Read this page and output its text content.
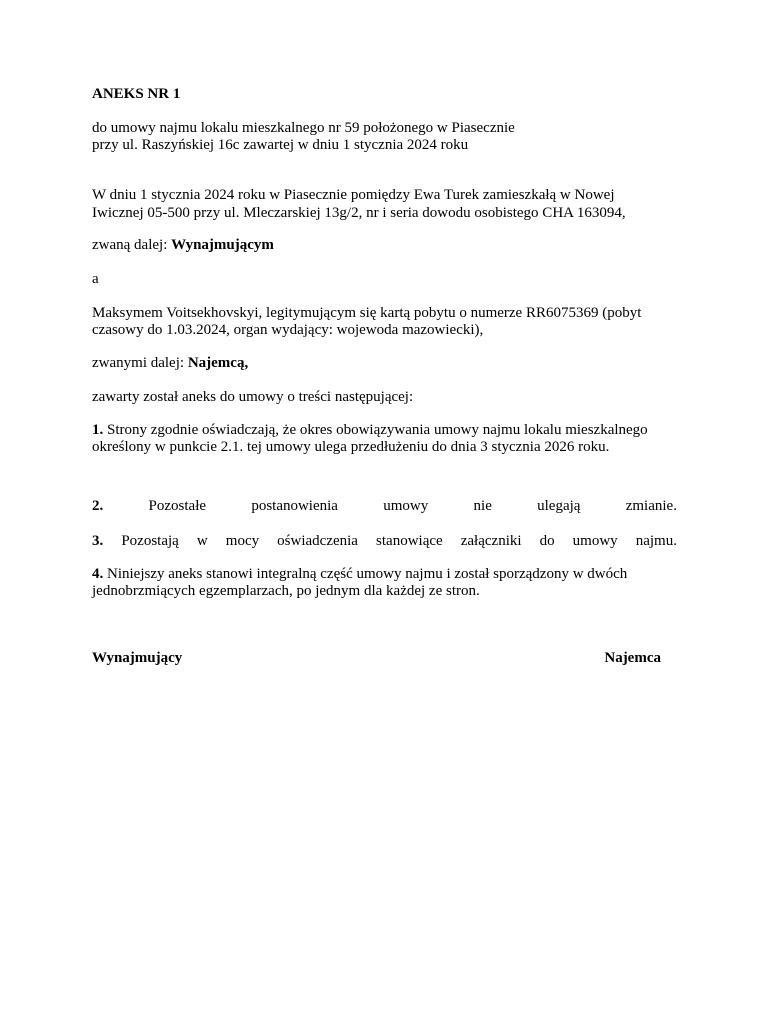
ANEKS NR 1
do umowy najmu lokalu mieszkalnego nr 59 położonego w Piasecznie
przy ul. Raszyńskiej 16c zawartej w dniu 1 stycznia 2024 roku
W dniu 1 stycznia 2024 roku w Piasecznie pomiędzy Ewa Turek zamieszkałą w Nowej
Iwicznej 05-500 przy ul. Mleczarskiej 13g/2, nr i seria dowodu osobistego CHA 163094,
zwaną dalej: Wynajmującym
a
Maksymem Voitsekhovskyi, legitymującym się kartą pobytu o numerze RR6075369 (pobyt
czasowy do 1.03.2024, organ wydający: wojewoda mazowiecki),
zwanymi dalej: Najemcą,
zawarty został aneks do umowy o treści następującej:
1. Strony zgodnie oświadczają, że okres obowiązywania umowy najmu lokalu mieszkalnego
określony w punkcie 2.1. tej umowy ulega przedłużeniu do dnia 3 stycznia 2026 roku.
2.	Pozostałe	postanowienia	umowy	nie	ulegają	zmianie.
3. Pozostają w mocy oświadczenia stanowiące załączniki do umowy najmu.
4. Niniejszy aneks stanowi integralną część umowy najmu i został sporządzony w dwóch
jednobrzmiących egzemplarzach, po jednym dla każdej ze stron.
Wynajmujący	Najemca
